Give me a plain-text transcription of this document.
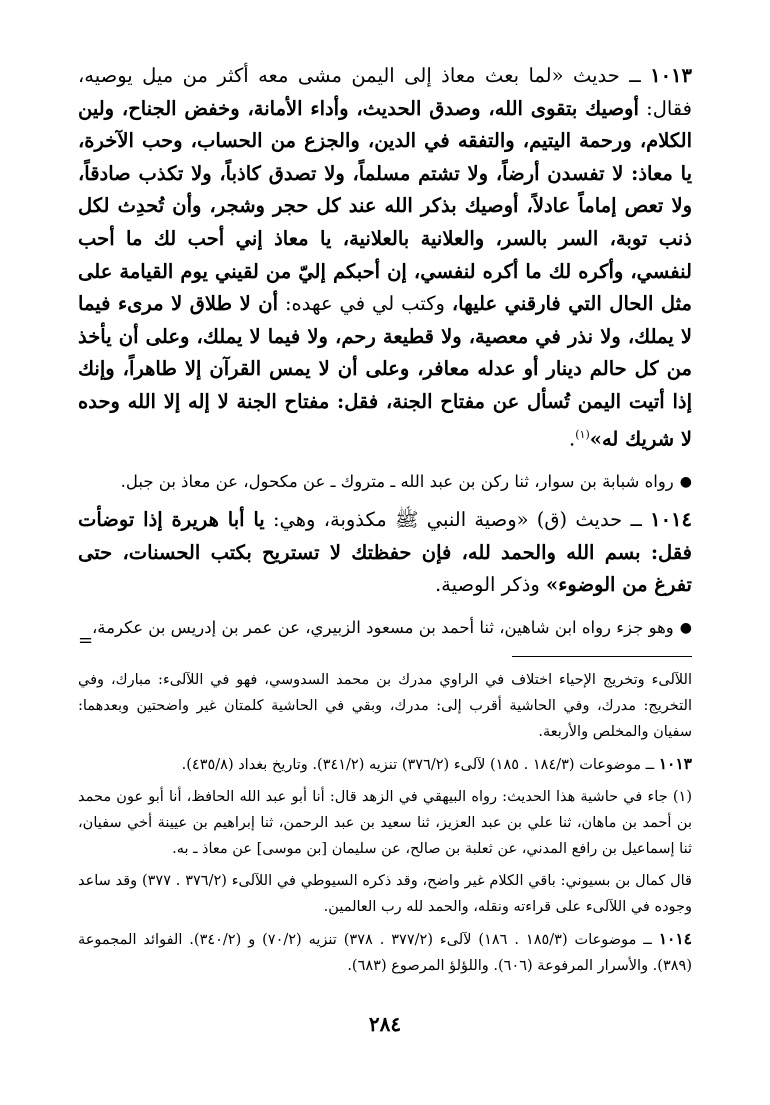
١٠١٣ ــ حديث «لما بعث معاذ إلى اليمن مشى معه أكثر من ميل يوصيه، فقال: أوصيك بتقوى الله، وصدق الحديث، وأداء الأمانة، وخفض الجناح، ولين الكلام، ورحمة اليتيم، والتفقه في الدين، والجزع من الحساب، وحب الآخرة، يا معاذ: لا تفسدن أرضاً، ولا تشتم مسلماً، ولا تصدق كاذباً، ولا تكذب صادقاً، ولا تعص إماماً عادلاً، أوصيك بذكر الله عند كل حجر وشجر، وأن تُحدِث لكل ذنب توبة، السر بالسر، والعلانية بالعلانية، يا معاذ إني أحب لك ما أحب لنفسي، وأكره لك ما أكره لنفسي، إن أحبكم إليّ من لقيني يوم القيامة على مثل الحال التي فارقني عليها، وكتب لي في عهده: أن لا طلاق لا مرىء فيما لا يملك، ولا نذر في معصية، ولا قطيعة رحم، ولا فيما لا يملك، وعلى أن يأخذ من كل حالم دينار أو عدله معافر، وعلى أن لا يمس القرآن إلا طاهراً، وإنك إذا أتيت اليمن تُسأل عن مفتاح الجنة، فقل: مفتاح الجنة لا إله إلا الله وحده لا شريك له»$^{(١)}$.

●رواه شبابة بن سوار، ثنا ركن بن عبد الله ـ متروك ـ عن مكحول، عن معاذ بن جبل.

١٠١٤ ــ حديث (ق) «وصية النبي ﷺ مكذوبة، وهي: يا أبا هريرة إذا توضأت فقل: بسم الله والحمد لله، فإن حفظتك لا تستريح بكتب الحسنات، حتى تفرغ من الوضوء» وذكر الوصية.

●وهو جزء رواه ابن شاهين، ثنا أحمد بن مسعود الزبيري، عن عمر بن إدريس بن عكرمة،

اللآلىء وتخريج الإحياء اختلاف في الراوي مدرك بن محمد السدوسي، فهو في اللآلىء: مبارك، وفي التخريج: مدرك، وفي الحاشية أقرب إلى: مدرك، وبقي في الحاشية كلمتان غير واضحتين وبعدهما: سفيان والمخلص والأربعة.

١٠١٣ ــ موضوعات (١٨٤/٣ . ١٨٥) لآلىء (٣٧٦/٢) تنزيه (٣٤١/٢). وتاريخ بغداد (٤٣٥/٨).

(١) جاء في حاشية هذا الحديث: رواه البيهقي في الزهد قال: أنا أبو عبد الله الحافظ، أنا أبو عون محمد بن أحمد بن ماهان، ثنا علي بن عبد العزيز، ثنا سعيد بن عبد الرحمن، ثنا إبراهيم بن عيينة أخي سفيان، ثنا إسماعيل بن رافع المدني، عن ثعلبة بن صالح، عن سليمان [بن موسى] عن معاذ ـ به.

قال كمال بن بسيوني: باقي الكلام غير واضح، وقد ذكره السيوطي في اللآلىء (٣٧٦/٢ . ٣٧٧) وقد ساعد وجوده في اللآلىء على قراءته ونقله، والحمد لله رب العالمين.

١٠١٤ ــ موضوعات (١٨٥/٣ . ١٨٦) لآلىء (٣٧٧/٢ . ٣٧٨) تنزيه (٧٠/٢) و (٣٤٠/٢). الفوائد المجموعة (٣٨٩). والأسرار المرفوعة (٦٠٦). واللؤلؤ المرصوع (٦٨٣).

=
٢٨٤
